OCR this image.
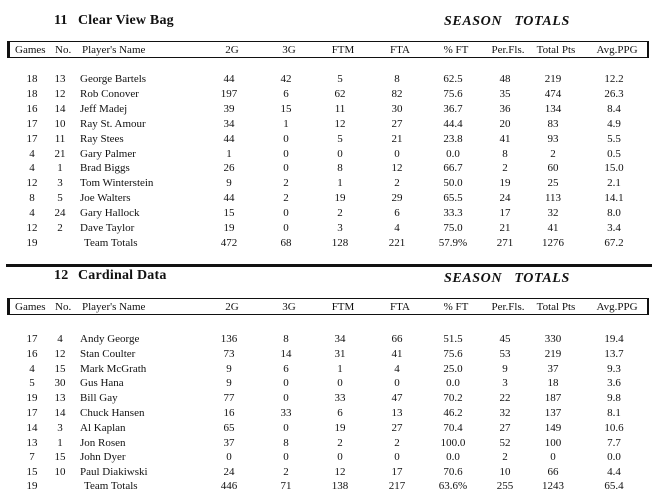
11 Clear View Bag	SEASON   TOTALS
Games No. Player's Name	2G	3G	FTM	FTA	% FT Per.Fls. Total Pts Avg.PPG
18 13 George Bartels	44	42	5	8	62.5	48	219	12.2
18 12 Rob Conover	197	6	62	82	75.6	35	474	26.3
16 14 Jeff Madej	39	15	11	30	36.7	36	134	8.4
17 10 Ray St. Amour	34	1	12	27	44.4	20	83	4.9
17 11 Ray Stees	44	0	5	21	23.8	41	93	5.5
4 21 Gary Palmer	1	0	0	0	0.0	8	2	0.5
4 1 Brad Biggs	26	0	8	12	66.7	2	60	15.0
12 3 Tom Winterstein	9	2	1	2	50.0	19	25	2.1
8 5 Joe Walters	44	2	19	29	65.5	24	113	14.1
4 24 Gary Hallock	15	0	2	6	33.3	17	32	8.0
12 2 Dave Taylor	19	0	3	4	75.0	21	41	3.4
19	Team Totals	472	68	128	221	57.9%	271	1276	67.2
12 Cardinal Data	SEASON   TOTALS
Games No. Player's Name	2G	3G	FTM	FTA	% FT Per.Fls. Total Pts Avg.PPG
17 4 Andy George	136	8	34	66	51.5	45	330	19.4
16 12 Stan Coulter	73	14	31	41	75.6	53	219	13.7
4 15 Mark McGrath	9	6	1	4	25.0	9	37	9.3
5 30 Gus Hana	9	0	0	0	0.0	3	18	3.6
19 13 Bill Gay	77	0	33	47	70.2	22	187	9.8
17 14 Chuck Hansen	16	33	6	13	46.2	32	137	8.1
14 3 Al Kaplan	65	0	19	27	70.4	27	149	10.6
13 1 Jon Rosen	37	8	2	2	100.0	52	100	7.7
7 15 John Dyer	0	0	0	0	0.0	2	0	0.0
15 10 Paul Diakiwski	24	2	12	17	70.6	10	66	4.4
19	Team Totals	446	71	138	217	63.6%	255	1243	65.4
